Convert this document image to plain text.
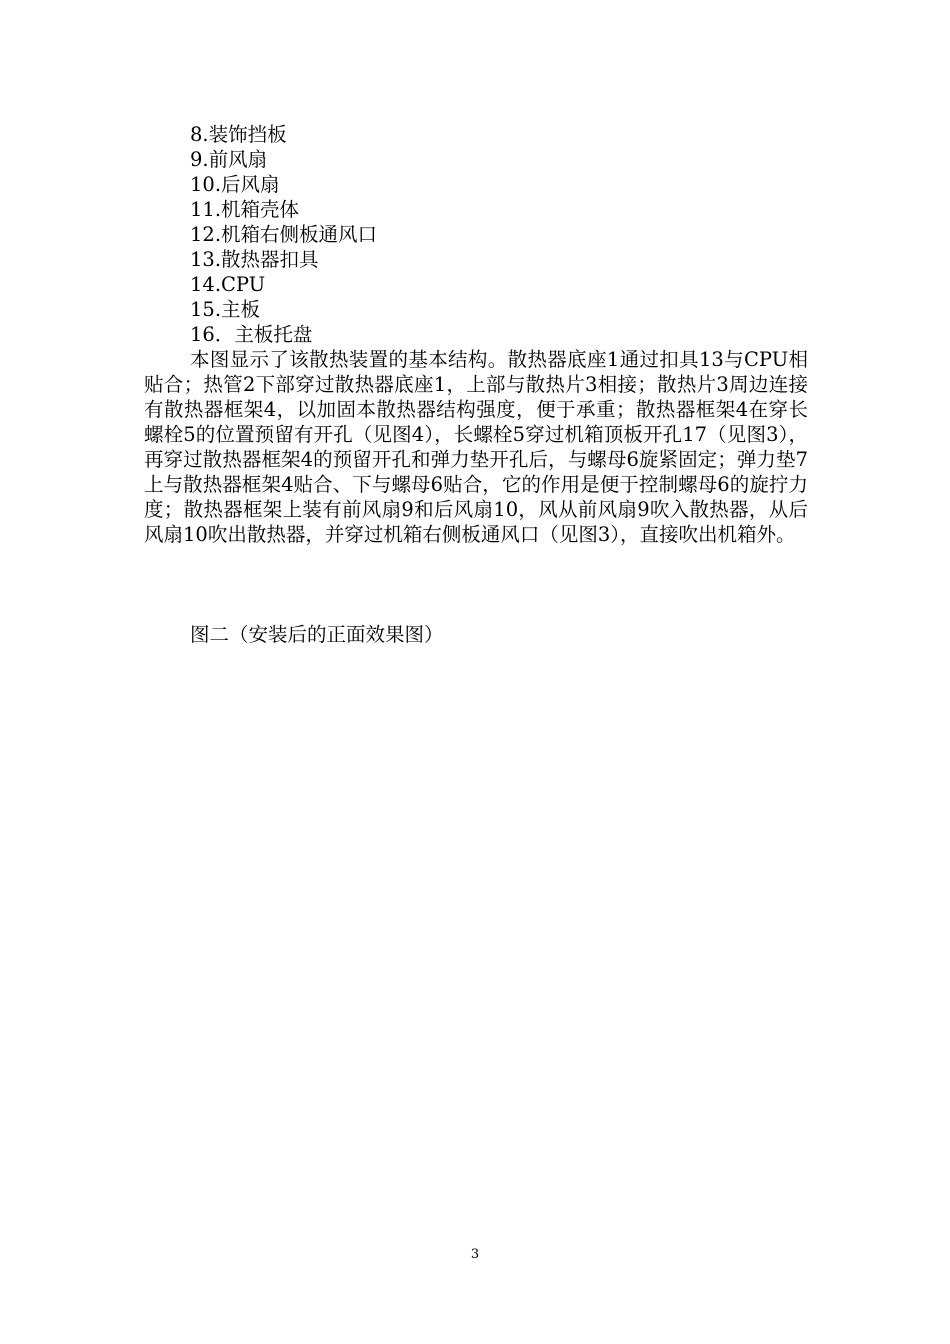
8.装饰挡板
9.前风扇
10.后风扇
11.机箱壳体
12.机箱右侧板通风口
13.散热器扣具
14.CPU
15.主板
16．主板托盘

本图显示了该散热装置的基本结构。散热器底座1通过扣具13与CPU相贴合；热管2下部穿过散热器底座1，上部与散热片3相接；散热片3周边连接有散热器框架4，以加固本散热器结构强度，便于承重；散热器框架4在穿长螺栓5的位置预留有开孔（见图4），长螺栓5穿过机箱顶板开孔17（见图3），再穿过散热器框架4的预留开孔和弹力垫开孔后，与螺母6旋紧固定；弹力垫7上与散热器框架4贴合、下与螺母6贴合，它的作用是便于控制螺母6的旋拧力度；散热器框架上装有前风扇9和后风扇10，风从前风扇9吹入散热器，从后风扇10吹出散热器，并穿过机箱右侧板通风口（见图3），直接吹出机箱外。

图二（安装后的正面效果图）

3
